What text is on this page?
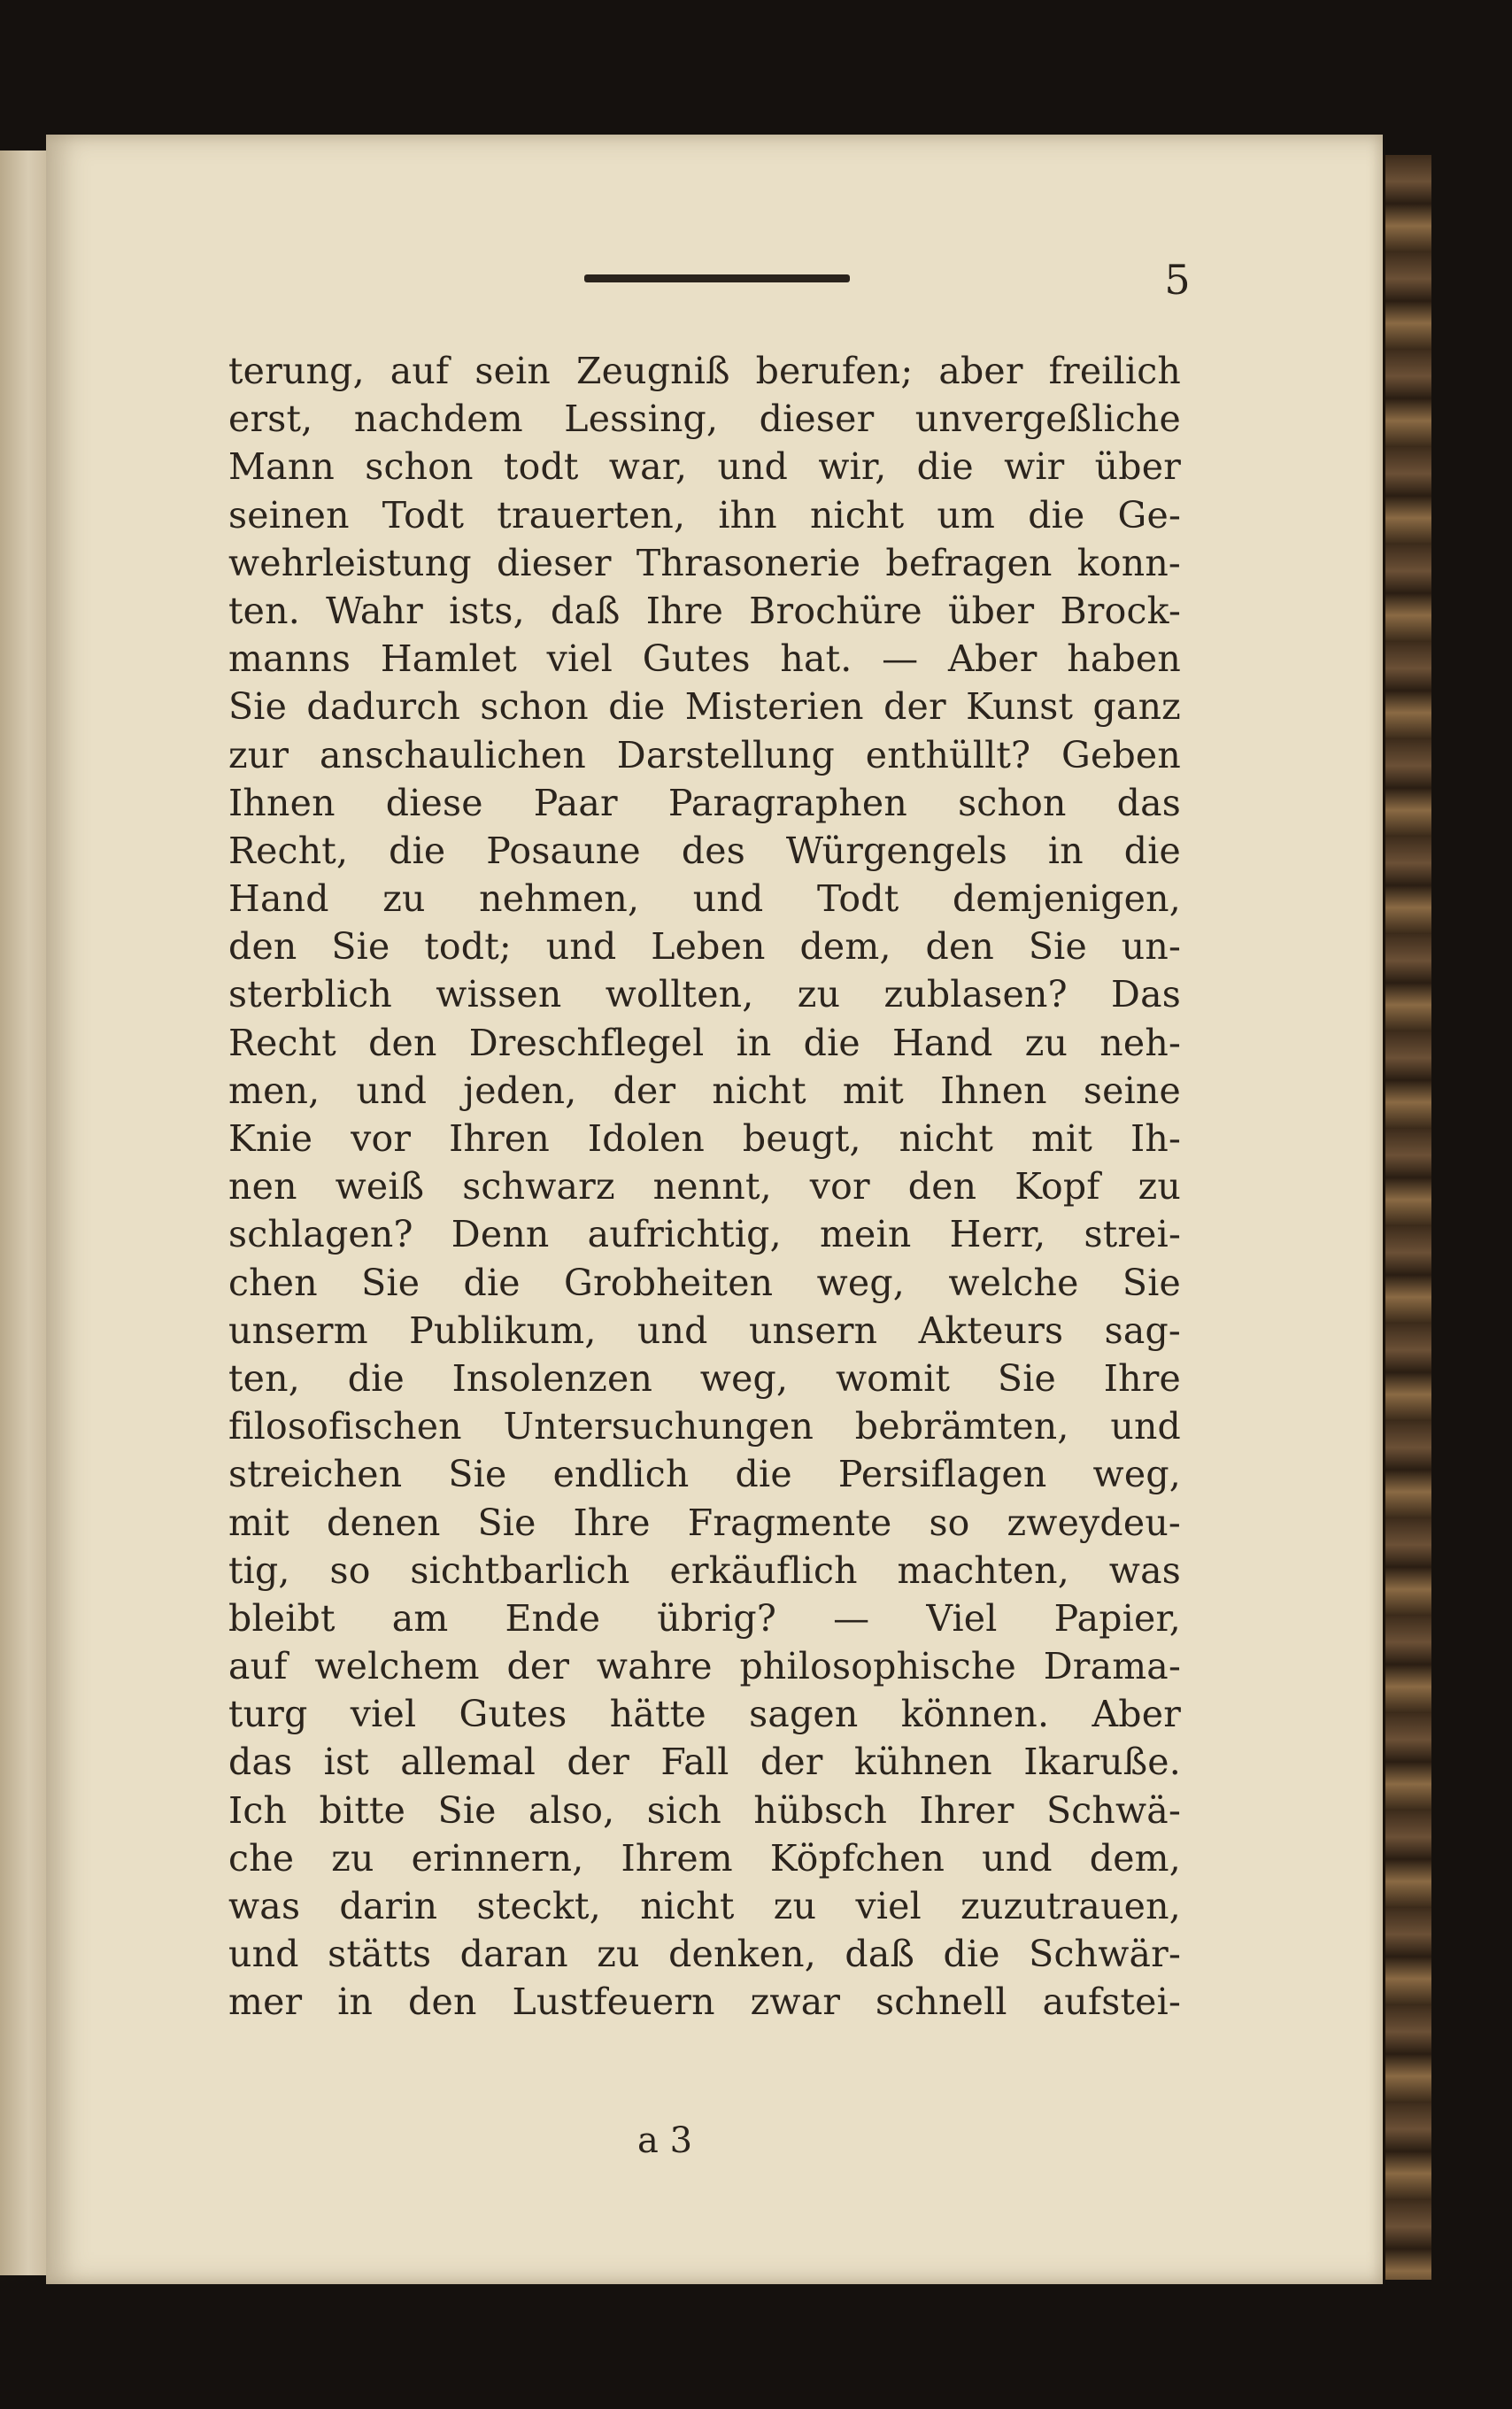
5
terung, auf sein Zeugniß berufen; aber freilich
erst, nachdem Lessing, dieser unvergeßliche
Mann schon todt war, und wir, die wir über
seinen Todt trauerten, ihn nicht um die Ge-
wehrleistung dieser Thrasonerie befragen konn-
ten. Wahr ists, daß Ihre Brochüre über Brock-
manns Hamlet viel Gutes hat. — Aber haben
Sie dadurch schon die Misterien der Kunst ganz
zur anschaulichen Darstellung enthüllt? Geben
Ihnen diese Paar Paragraphen schon das
Recht, die Posaune des Würgengels in die
Hand zu nehmen, und Todt demjenigen,
den Sie todt; und Leben dem, den Sie un-
sterblich wissen wollten, zu zublasen? Das
Recht den Dreschflegel in die Hand zu neh-
men, und jeden, der nicht mit Ihnen seine
Knie vor Ihren Idolen beugt, nicht mit Ih-
nen weiß schwarz nennt, vor den Kopf zu
schlagen? Denn aufrichtig, mein Herr, strei-
chen Sie die Grobheiten weg, welche Sie
unserm Publikum, und unsern Akteurs sag-
ten, die Insolenzen weg, womit Sie Ihre
filosofischen Untersuchungen bebrämten, und
streichen Sie endlich die Persiflagen weg,
mit denen Sie Ihre Fragmente so zweydeu-
tig, so sichtbarlich erkäuflich machten, was
bleibt am Ende übrig? — Viel Papier,
auf welchem der wahre philosophische Drama-
turg viel Gutes hätte sagen können. Aber
das ist allemal der Fall der kühnen Ikaruße.
Ich bitte Sie also, sich hübsch Ihrer Schwä-
che zu erinnern, Ihrem Köpfchen und dem,
was darin steckt, nicht zu viel zuzutrauen,
und stätts daran zu denken, daß die Schwär-
mer in den Lustfeuern zwar schnell aufstei-
a 3
